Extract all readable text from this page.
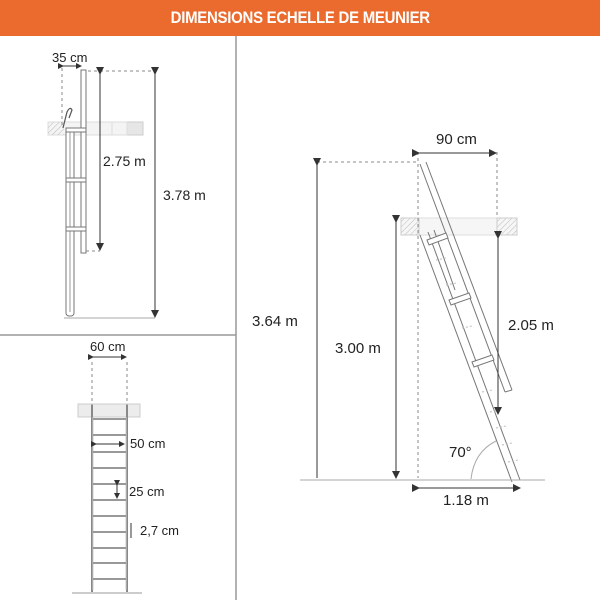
DIMENSIONS ECHELLE DE MEUNIER
35 cm
2.75 m
3.78 m
60 cm
50 cm
25 cm
2,7 cm
90 cm
3.64 m
3.00 m
2.05 m
70°
1.18 m
